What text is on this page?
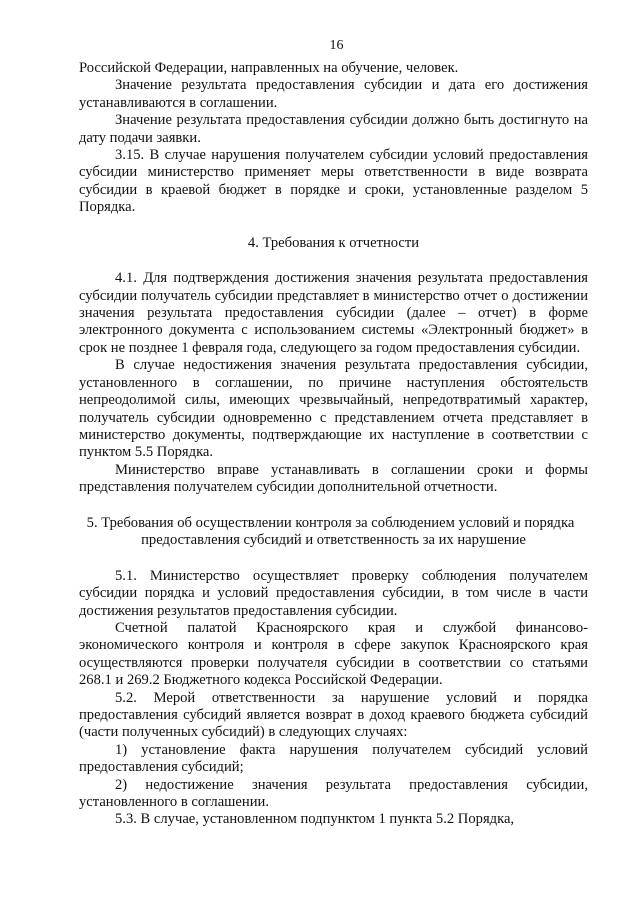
16

Российской Федерации, направленных на обучение, человек.

Значение результата предоставления субсидии и дата его достижения устанавливаются в соглашении.

Значение результата предоставления субсидии должно быть достигнуто на дату подачи заявки.

3.15. В случае нарушения получателем субсидии условий предоставления субсидии министерство применяет меры ответственности в виде возврата субсидии в краевой бюджет в порядке и сроки, установленные разделом 5 Порядка.

4. Требования к отчетности

4.1. Для подтверждения достижения значения результата предоставления субсидии получатель субсидии представляет в министерство отчет о достижении значения результата предоставления субсидии (далее – отчет) в форме электронного документа с использованием системы «Электронный бюджет» в срок не позднее 1 февраля года, следующего за годом предоставления субсидии.

В случае недостижения значения результата предоставления субсидии, установленного в соглашении, по причине наступления обстоятельств непреодолимой силы, имеющих чрезвычайный, непредотвратимый характер, получатель субсидии одновременно с представлением отчета представляет в министерство документы, подтверждающие их наступление в соответствии с пунктом 5.5 Порядка.

Министерство вправе устанавливать в соглашении сроки и формы представления получателем субсидии дополнительной отчетности.

5. Требования об осуществлении контроля за соблюдением условий и порядка
предоставления субсидий и ответственность за их нарушение

5.1. Министерство осуществляет проверку соблюдения получателем субсидии порядка и условий предоставления субсидии, в том числе в части достижения результатов предоставления субсидии.

Счетной палатой Красноярского края и службой финансово-экономического контроля и контроля в сфере закупок Красноярского края осуществляются проверки получателя субсидии в соответствии со статьями 268.1 и 269.2 Бюджетного кодекса Российской Федерации.

5.2. Мерой ответственности за нарушение условий и порядка предоставления субсидий является возврат в доход краевого бюджета субсидий (части полученных субсидий) в следующих случаях:

1) установление факта нарушения получателем субсидий условий предоставления субсидий;

2) недостижение значения результата предоставления субсидии, установленного в соглашении.

5.3. В случае, установленном подпунктом 1 пункта 5.2 Порядка,
